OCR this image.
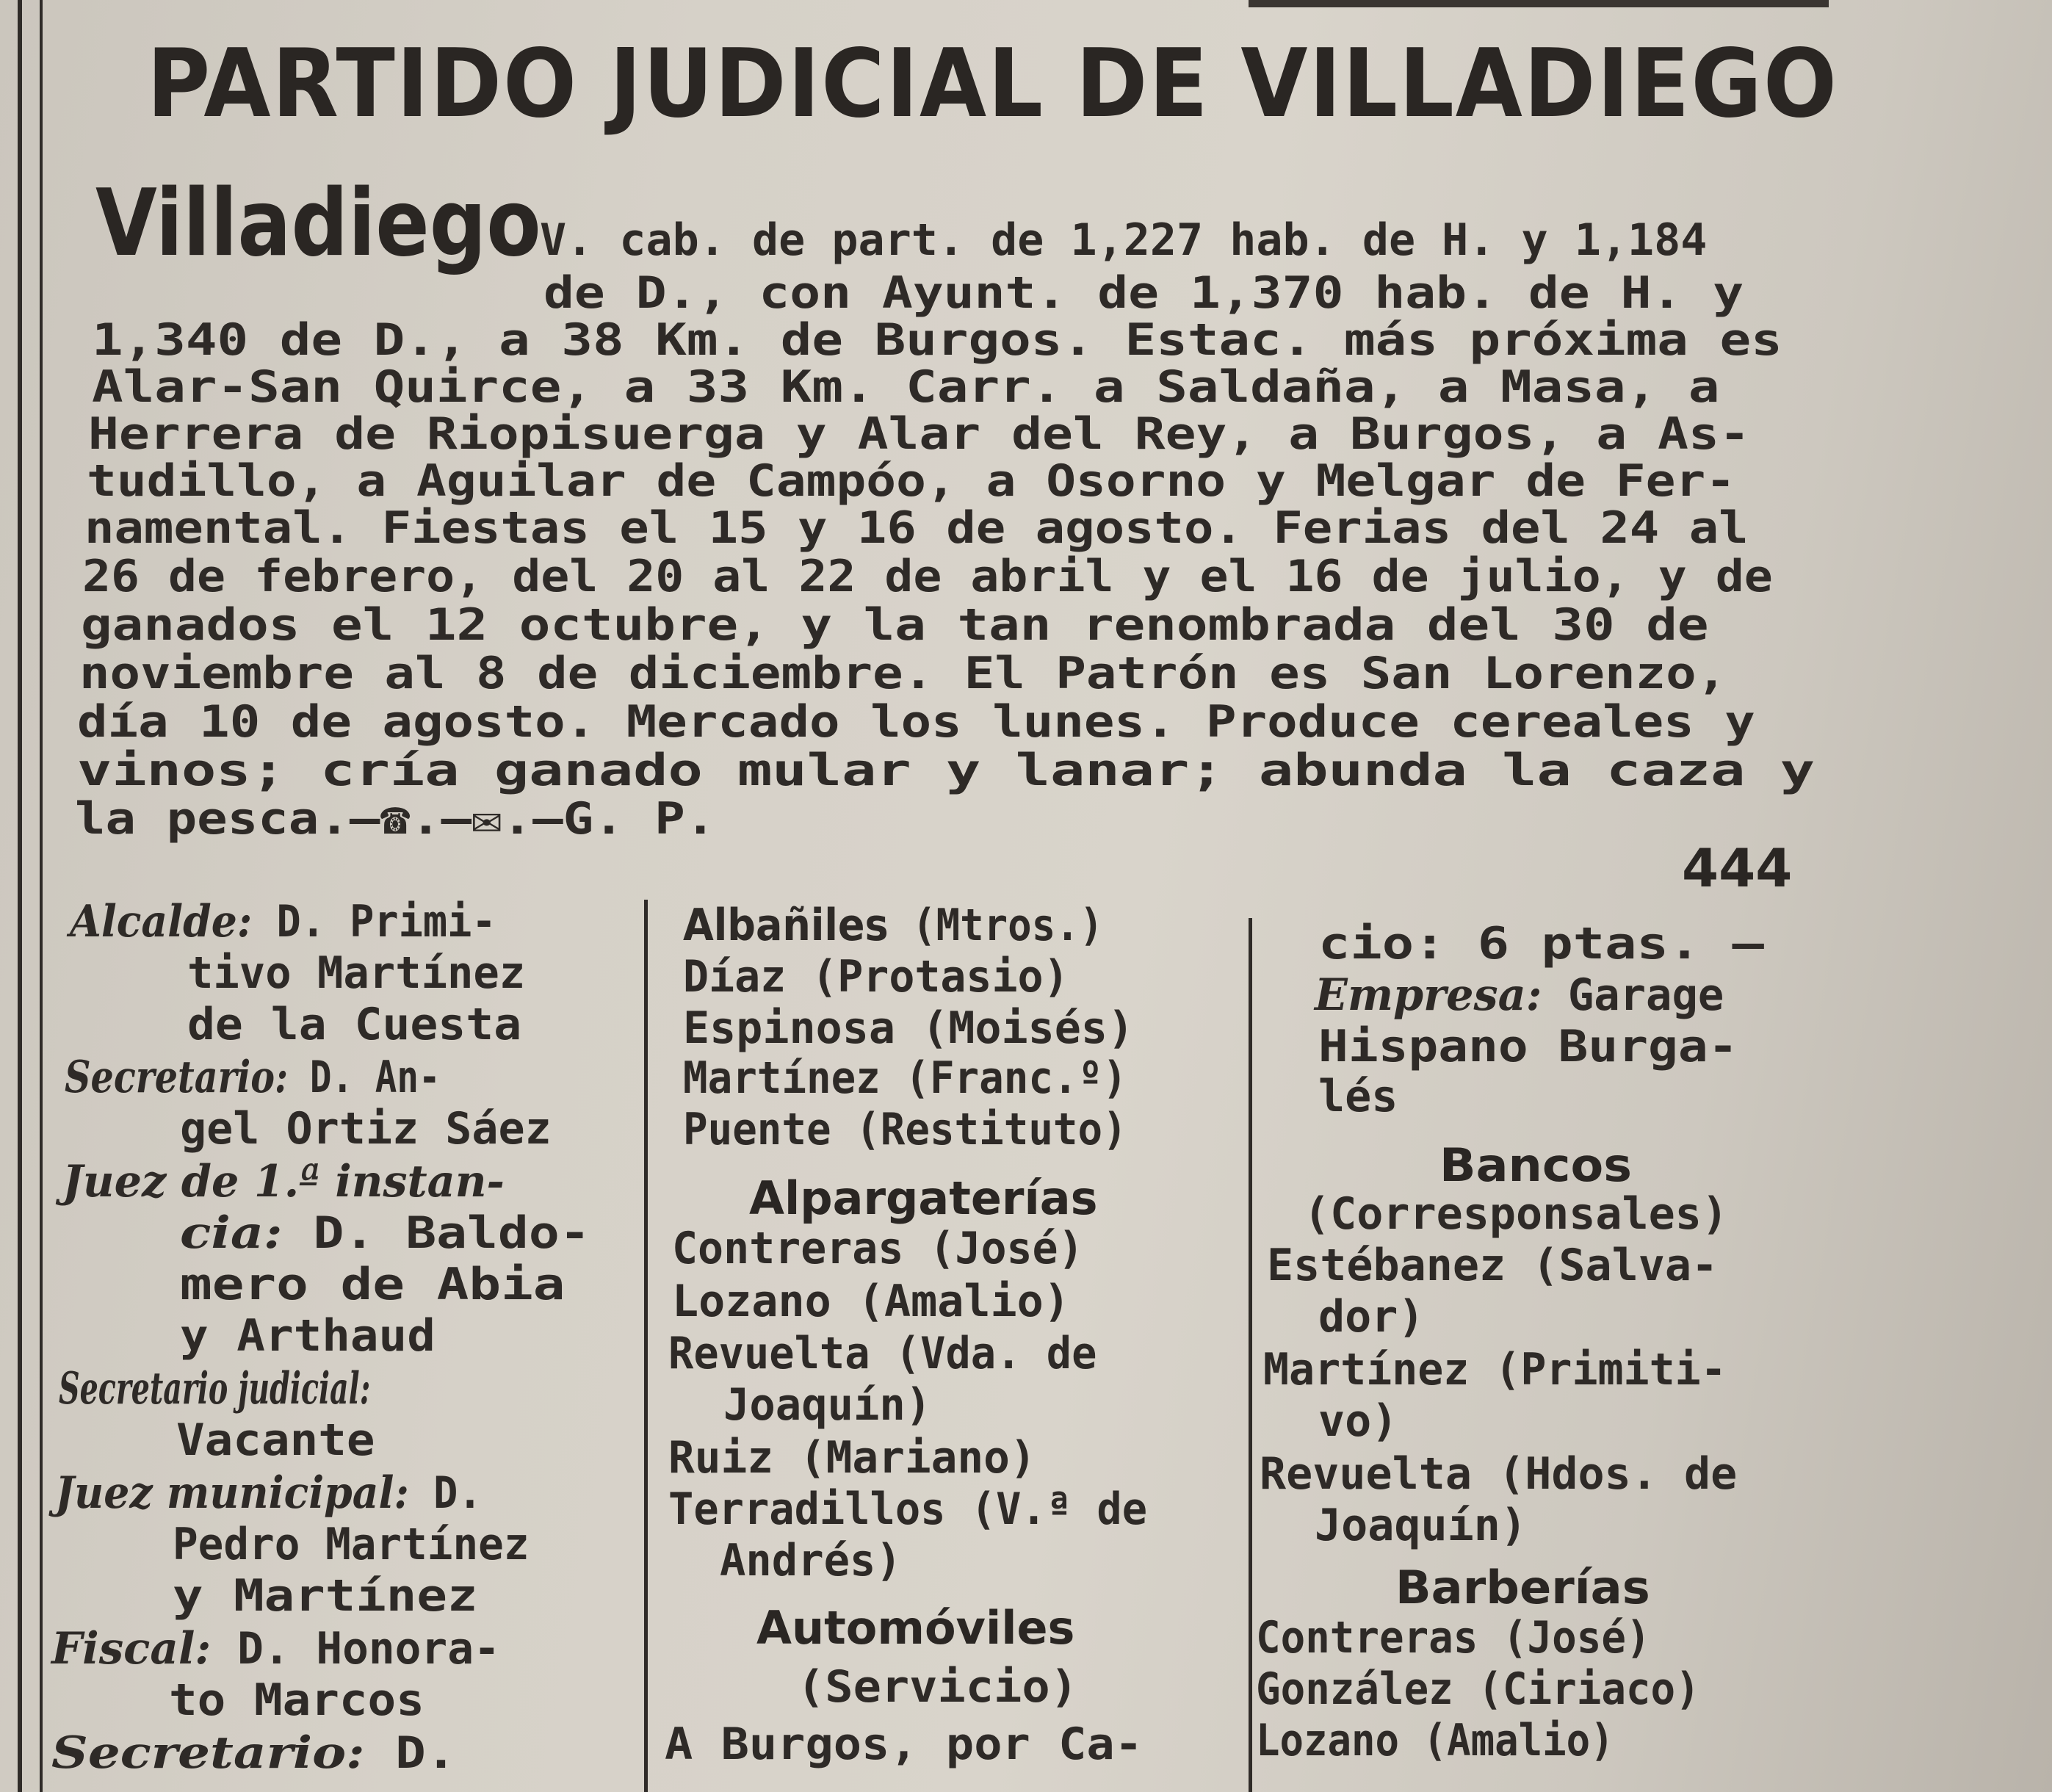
PARTIDO JUDICIAL DE VILLADIEGO
Villadiego
V. cab. de part. de 1,227 hab. de H. y 1,184
de D., con Ayunt. de 1,370 hab. de H. y
1,340 de D., a 38 Km. de Burgos. Estac. más próxima es
Alar-San Quirce, a 33 Km. Carr. a Saldaña, a Masa, a
Herrera de Riopisuerga y Alar del Rey, a Burgos, a As-
tudillo, a Aguilar de Campóo, a Osorno y Melgar de Fer-
namental. Fiestas el 15 y 16 de agosto. Ferias del 24 al
26 de febrero, del 20 al 22 de abril y el 16 de julio, y de
ganados el 12 octubre, y la tan renombrada del 30 de
noviembre al 8 de diciembre. El Patrón es San Lorenzo,
día 10 de agosto. Mercado los lunes. Produce cereales y
vinos; cría ganado mular y lanar; abunda la caza y
la pesca.—☎.—✉.—G. P.
444
Alcalde: D. Primi-
tivo Martínez
de la Cuesta
Secretario: D. An-
gel Ortiz Sáez
Juez de 1.ª instan-
cia: D. Baldo-
mero de Abia
y Arthaud
Secretario judicial:
Vacante
Juez municipal: D.
Pedro Martínez
y Martínez
Fiscal: D. Honora-
to Marcos
Secretario: D.
Albañiles (Mtros.)
Díaz (Protasio)
Espinosa (Moisés)
Martínez (Franc.º)
Puente (Restituto)
Alpargaterías
Contreras (José)
Lozano (Amalio)
Revuelta (Vda. de
Joaquín)
Ruiz (Mariano)
Terradillos (V.ª de
Andrés)
Automóviles
(Servicio)
A Burgos, por Ca-
cio: 6 ptas. —
Empresa: Garage
Hispano Burga-
lés
Bancos
(Corresponsales)
Estébanez (Salva-
dor)
Martínez (Primiti-
vo)
Revuelta (Hdos. de
Joaquín)
Barberías
Contreras (José)
González (Ciriaco)
Lozano (Amalio)
